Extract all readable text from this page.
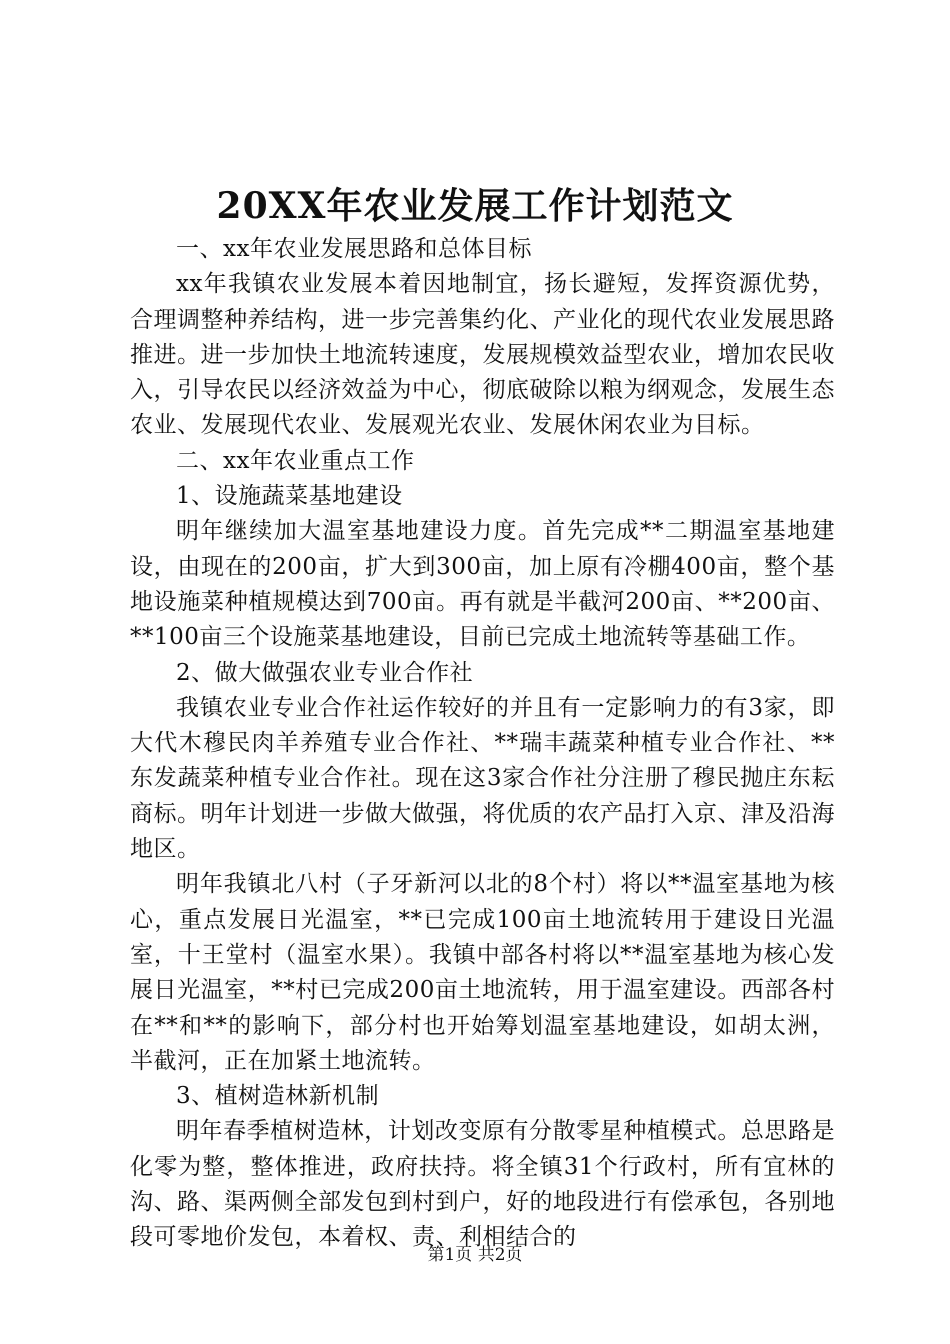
20XX年农业发展工作计划范文

一、xx年农业发展思路和总体目标

xx年我镇农业发展本着因地制宜，扬长避短，发挥资源优势，合理调整种养结构，进一步完善集约化、产业化的现代农业发展思路推进。进一步加快土地流转速度，发展规模效益型农业，增加农民收入，引导农民以经济效益为中心，彻底破除以粮为纲观念，发展生态农业、发展现代农业、发展观光农业、发展休闲农业为目标。

二、xx年农业重点工作

1、设施蔬菜基地建设

明年继续加大温室基地建设力度。首先完成**二期温室基地建设，由现在的200亩，扩大到300亩，加上原有冷棚400亩，整个基地设施菜种植规模达到700亩。再有就是半截河200亩、**200亩、**100亩三个设施菜基地建设，目前已完成土地流转等基础工作。

2、做大做强农业专业合作社

我镇农业专业合作社运作较好的并且有一定影响力的有3家，即大代木穆民肉羊养殖专业合作社、**瑞丰蔬菜种植专业合作社、**东发蔬菜种植专业合作社。现在这3家合作社分注册了穆民抛庄东耘商标。明年计划进一步做大做强，将优质的农产品打入京、津及沿海地区。

明年我镇北八村（子牙新河以北的8个村）将以**温室基地为核心，重点发展日光温室，**已完成100亩土地流转用于建设日光温室，十王堂村（温室水果）。我镇中部各村将以**温室基地为核心发展日光温室，**村已完成200亩土地流转，用于温室建设。西部各村在**和**的影响下，部分村也开始筹划温室基地建设，如胡太洲，半截河，正在加紧土地流转。

3、植树造林新机制

明年春季植树造林，计划改变原有分散零星种植模式。总思路是化零为整，整体推进，政府扶持。将全镇31个行政村，所有宜林的沟、路、渠两侧全部发包到村到户，好的地段进行有偿承包，各别地段可零地价发包，本着权、责、利相结合的

第1页 共2页
